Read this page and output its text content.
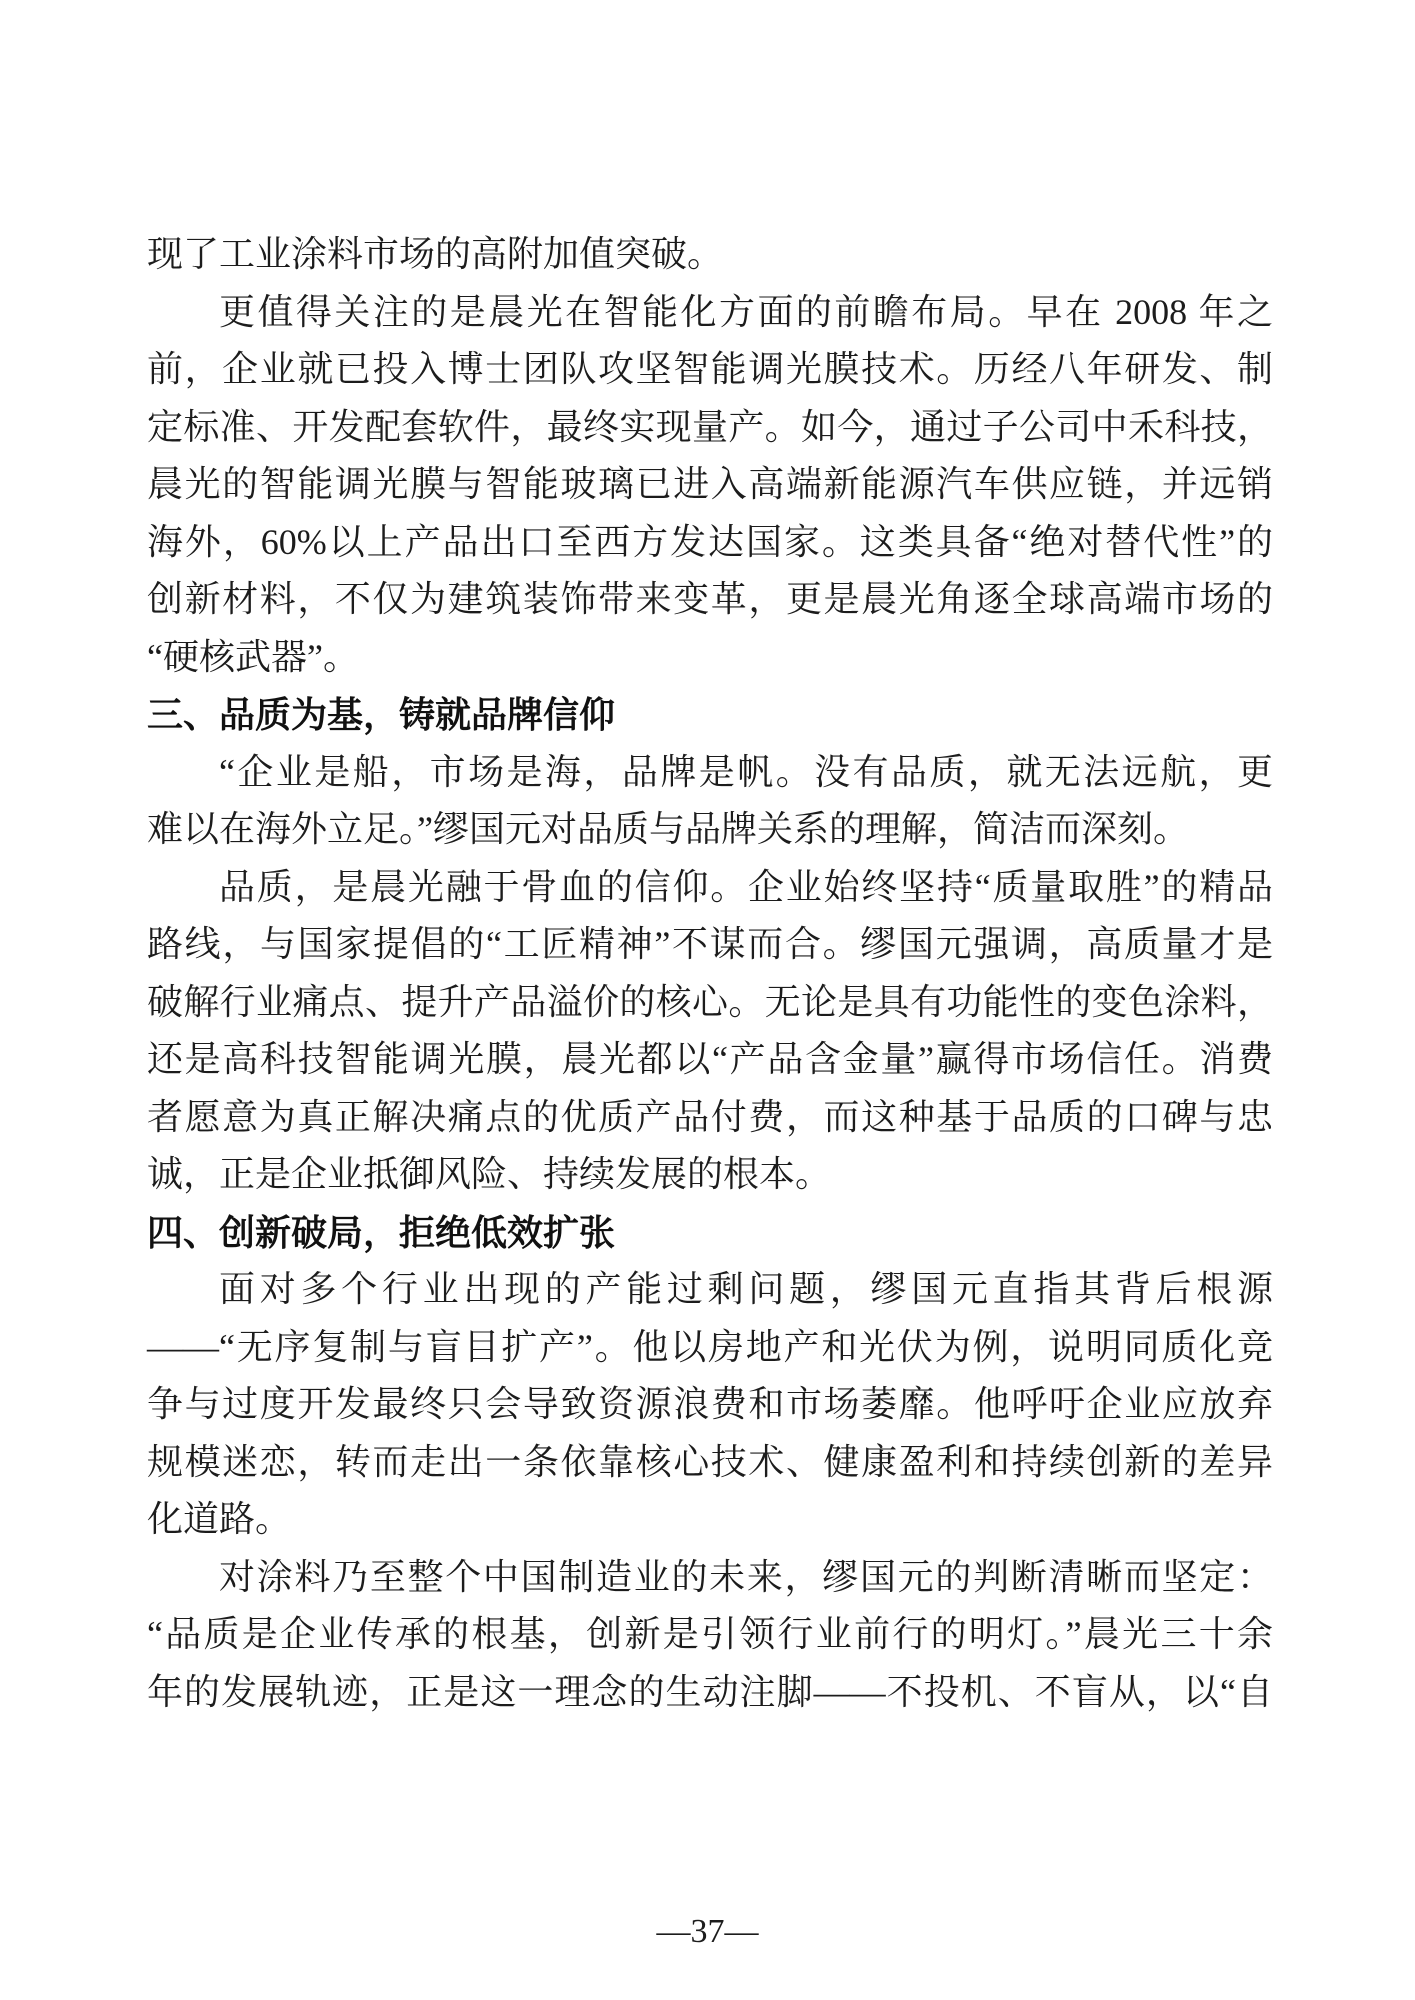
现了工业涂料市场的高附加值突破。
更值得关注的是晨光在智能化方面的前瞻布局。早在 2008 年之
前，企业就已投入博士团队攻坚智能调光膜技术。历经八年研发、制
定标准、开发配套软件，最终实现量产。如今，通过子公司中禾科技，
晨光的智能调光膜与智能玻璃已进入高端新能源汽车供应链，并远销
海外，60%以上产品出口至西方发达国家。这类具备“绝对替代性”的
创新材料，不仅为建筑装饰带来变革，更是晨光角逐全球高端市场的
“硬核武器”。
三、品质为基，铸就品牌信仰
“企业是船，市场是海，品牌是帆。没有品质，就无法远航，更
难以在海外立足。”缪国元对品质与品牌关系的理解，简洁而深刻。
品质，是晨光融于骨血的信仰。企业始终坚持“质量取胜”的精品
路线，与国家提倡的“工匠精神”不谋而合。缪国元强调，高质量才是
破解行业痛点、提升产品溢价的核心。无论是具有功能性的变色涂料，
还是高科技智能调光膜，晨光都以“产品含金量”赢得市场信任。消费
者愿意为真正解决痛点的优质产品付费，而这种基于品质的口碑与忠
诚，正是企业抵御风险、持续发展的根本。
四、创新破局，拒绝低效扩张
面对多个行业出现的产能过剩问题，缪国元直指其背后根源
——“无序复制与盲目扩产”。他以房地产和光伏为例，说明同质化竞
争与过度开发最终只会导致资源浪费和市场萎靡。他呼吁企业应放弃
规模迷恋，转而走出一条依靠核心技术、健康盈利和持续创新的差异
化道路。
对涂料乃至整个中国制造业的未来，缪国元的判断清晰而坚定：
“品质是企业传承的根基，创新是引领行业前行的明灯。”晨光三十余
年的发展轨迹，正是这一理念的生动注脚——不投机、不盲从，以“自
—37—
